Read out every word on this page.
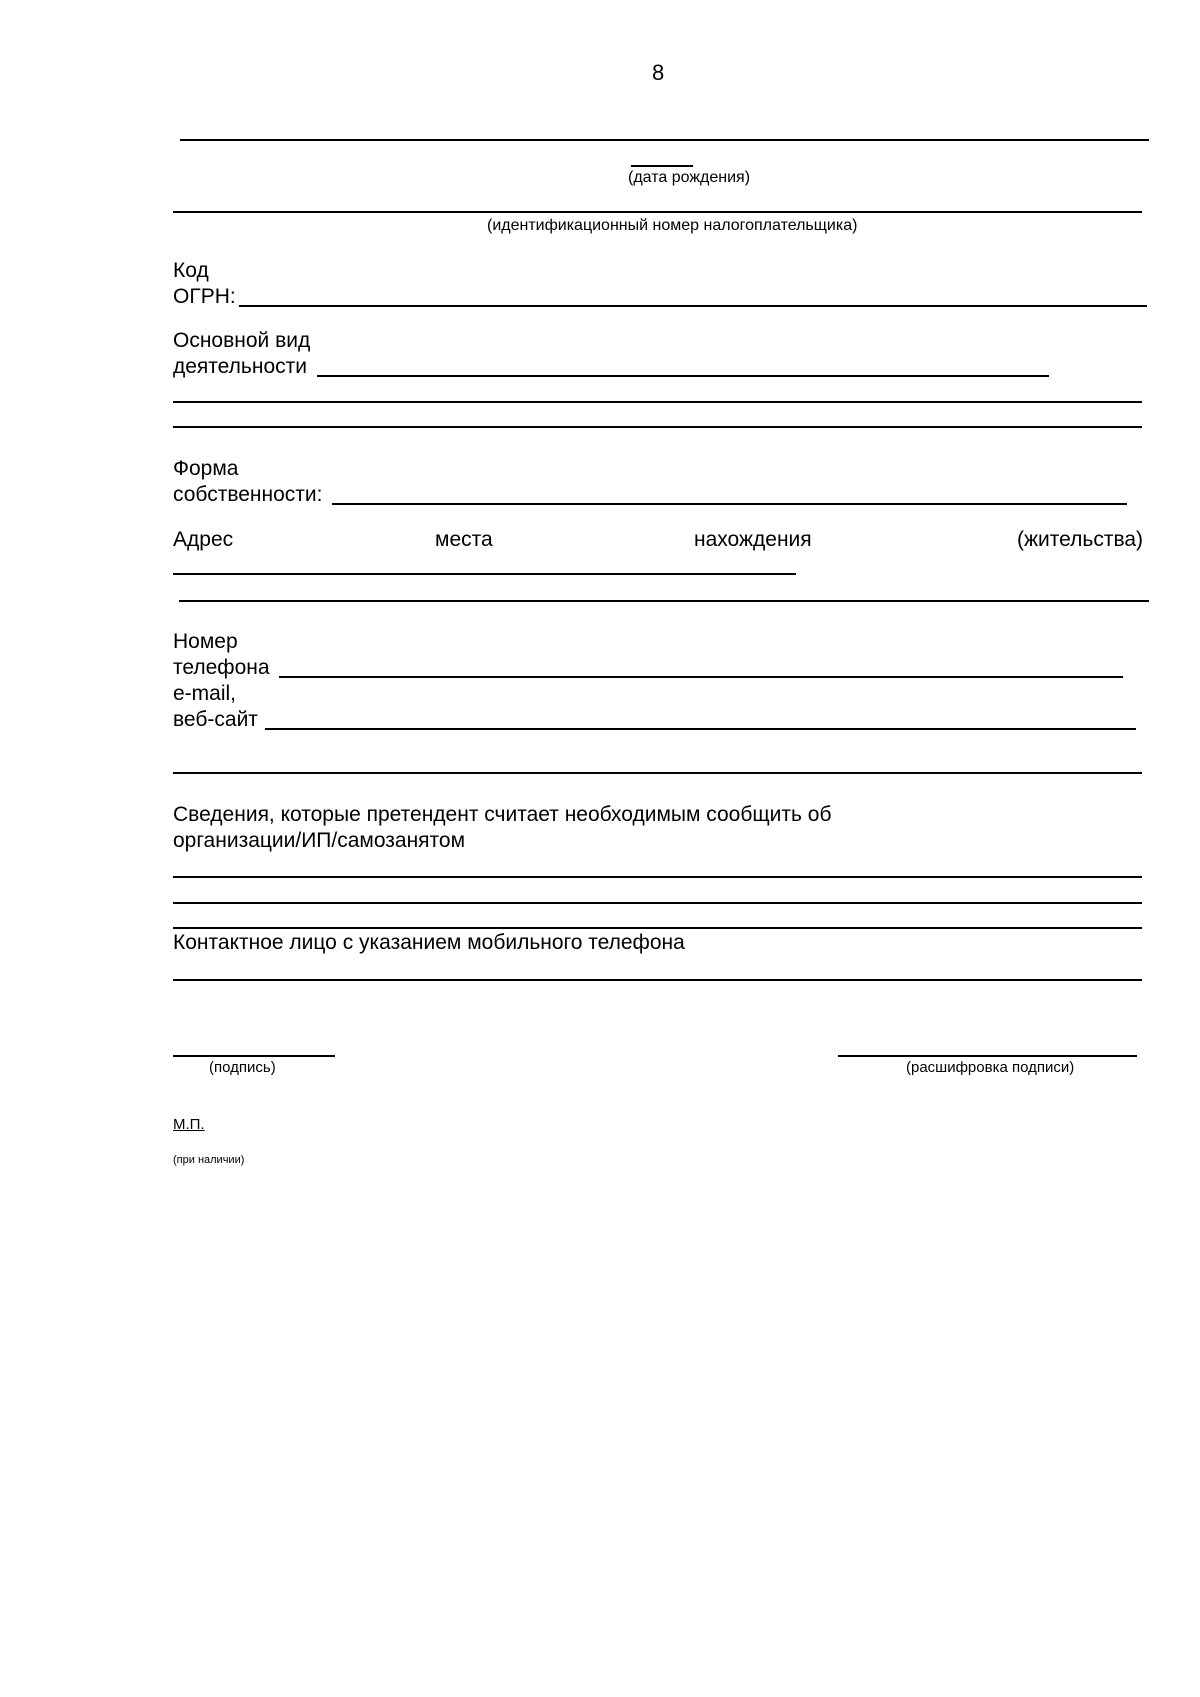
8
(дата рождения)
(идентификационный номер налогоплательщика)
Код
ОГРН:
Основной вид
деятельности
Форма
собственности:
Адрес	места	нахождения	(жительства)
Номер
телефона
e-mail,
веб-сайт
Сведения, которые претендент считает необходимым сообщить об
организации/ИП/самозанятом
Контактное лицо с указанием мобильного телефона
(подпись)	(расшифровка подписи)
М.П.
(при наличии)
